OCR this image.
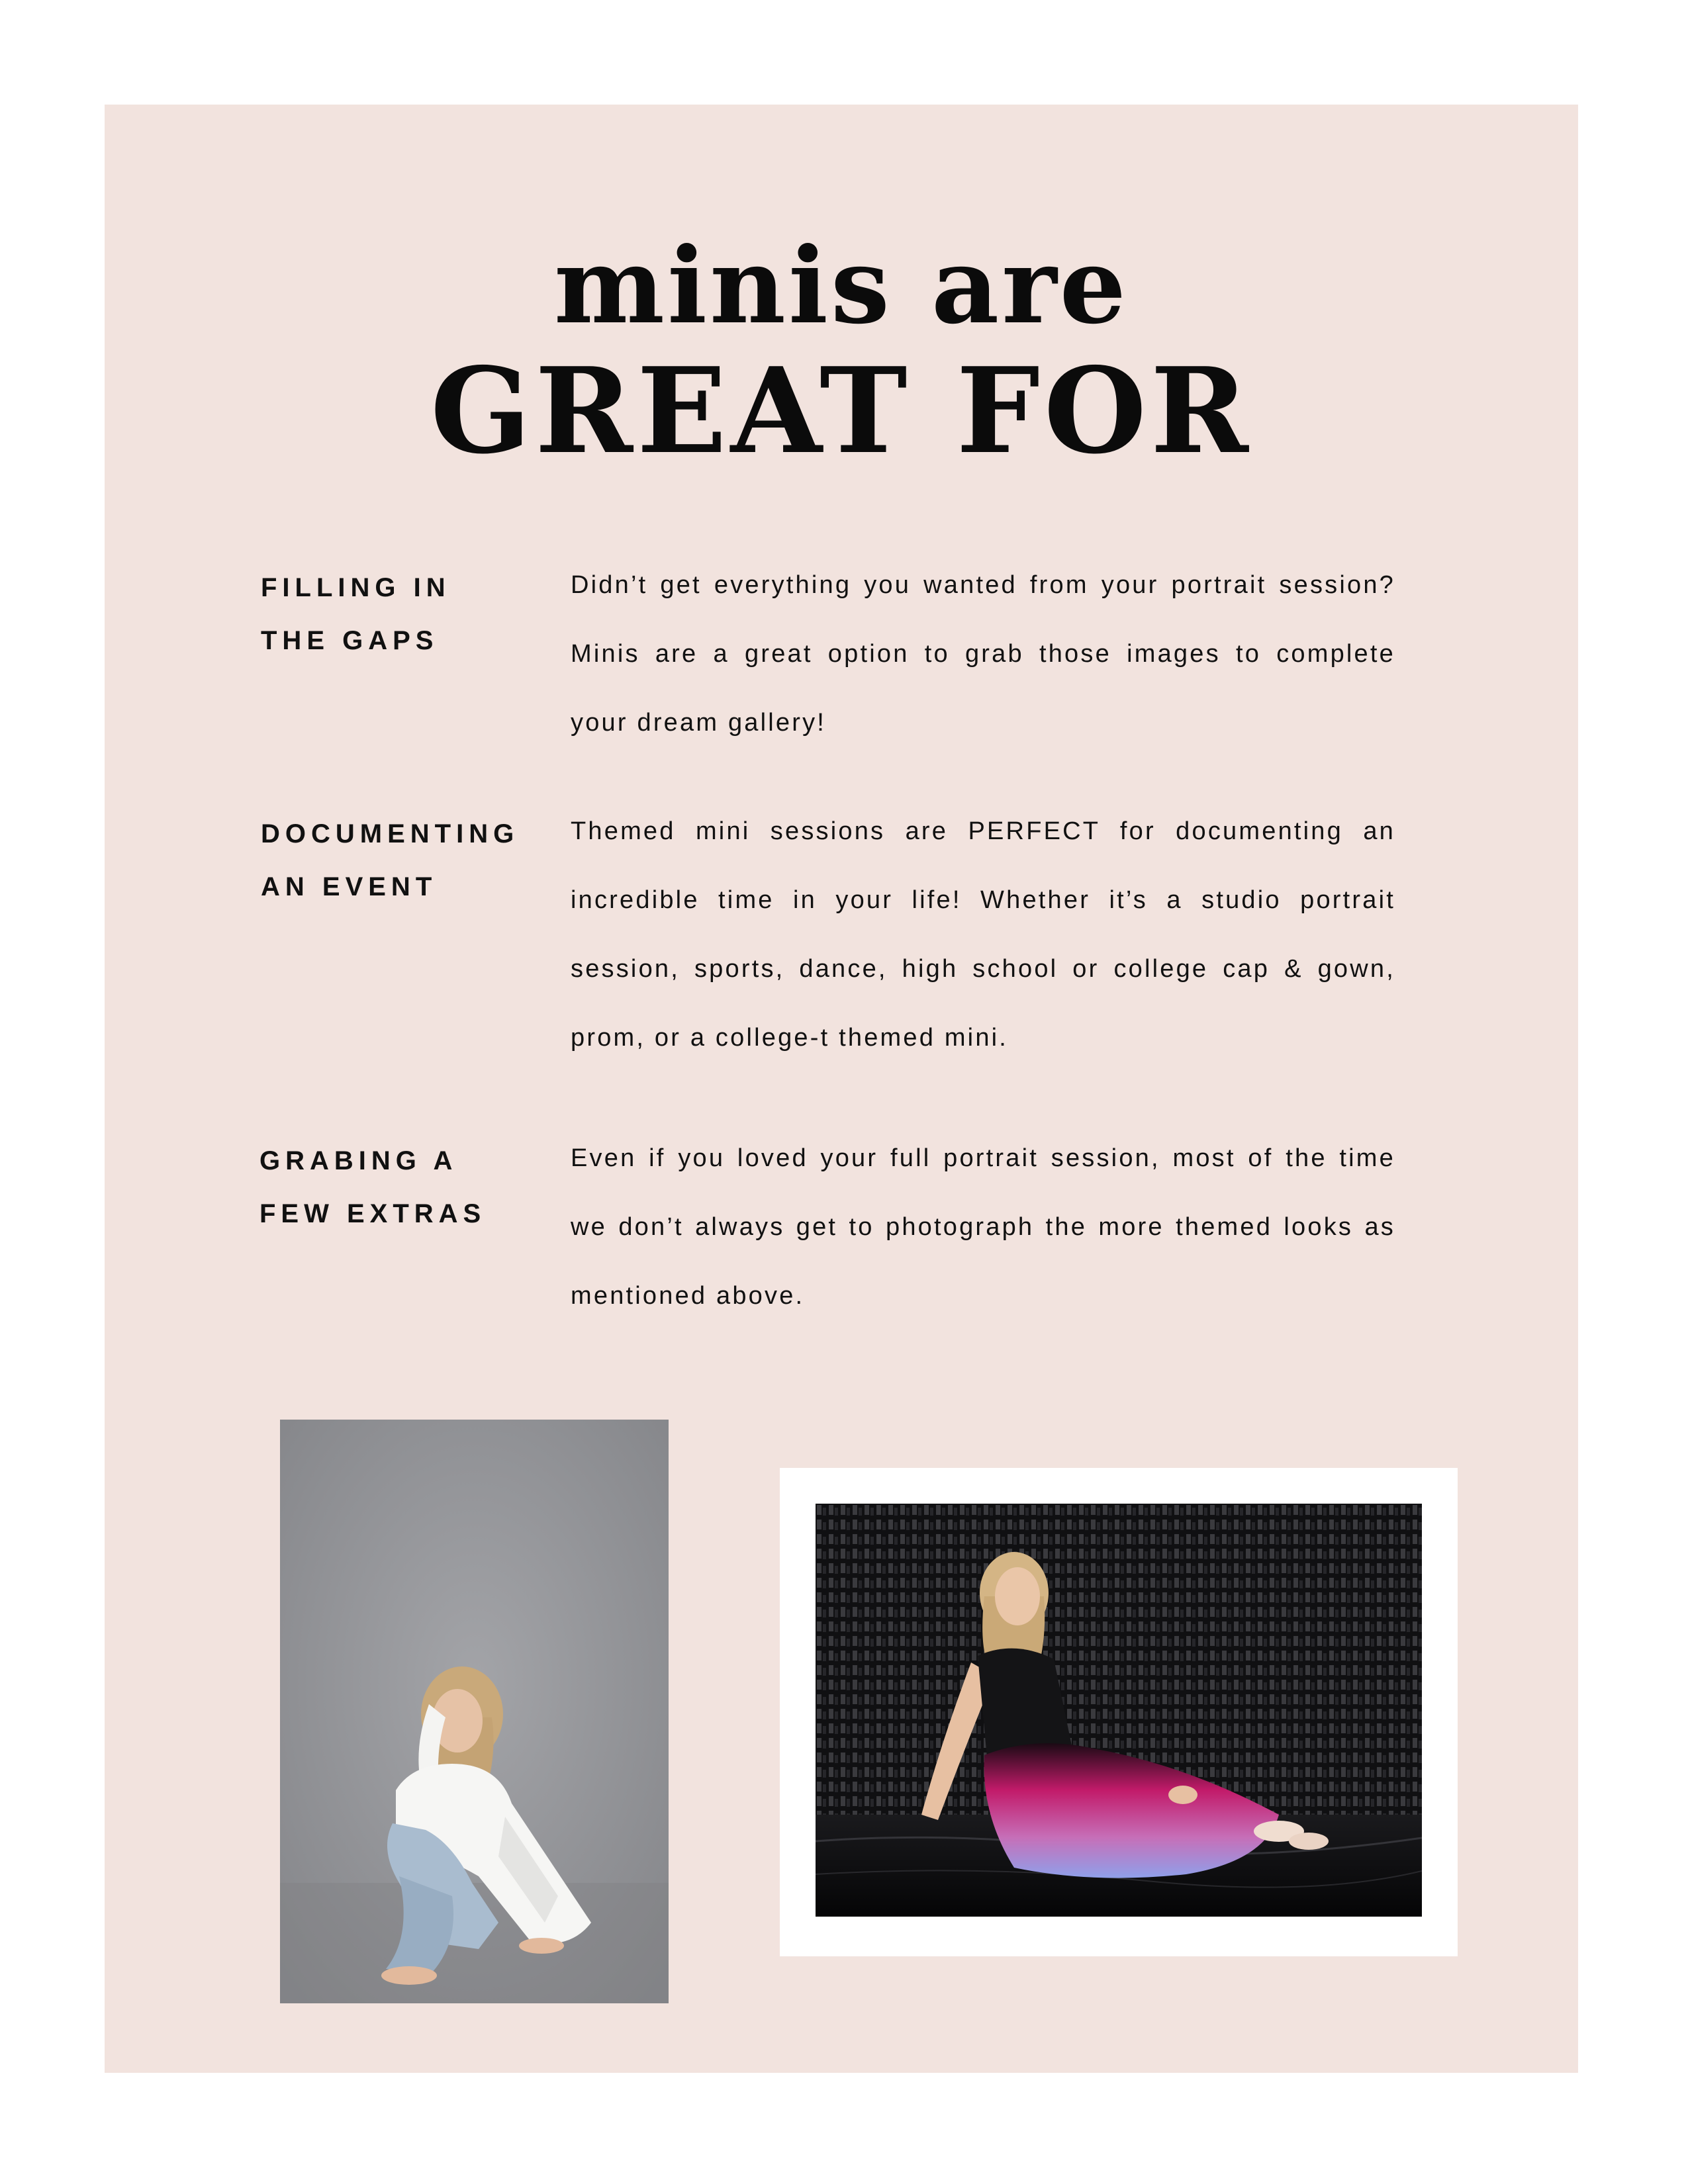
minis are
GREAT FOR
FILLING IN
THE GAPS
Didn’t get everything you wanted from your portrait session? Minis are a great option to grab those images to complete your dream gallery!
DOCUMENTING
AN EVENT
Themed mini sessions are PERFECT for documenting an incredible time in your life! Whether it’s a studio portrait session, sports, dance, high school or college cap & gown, prom, or a college-t themed mini.
GRABING A
FEW EXTRAS
Even if you loved your full portrait session, most of the time we don’t always get to photograph the more themed looks as mentioned above.
